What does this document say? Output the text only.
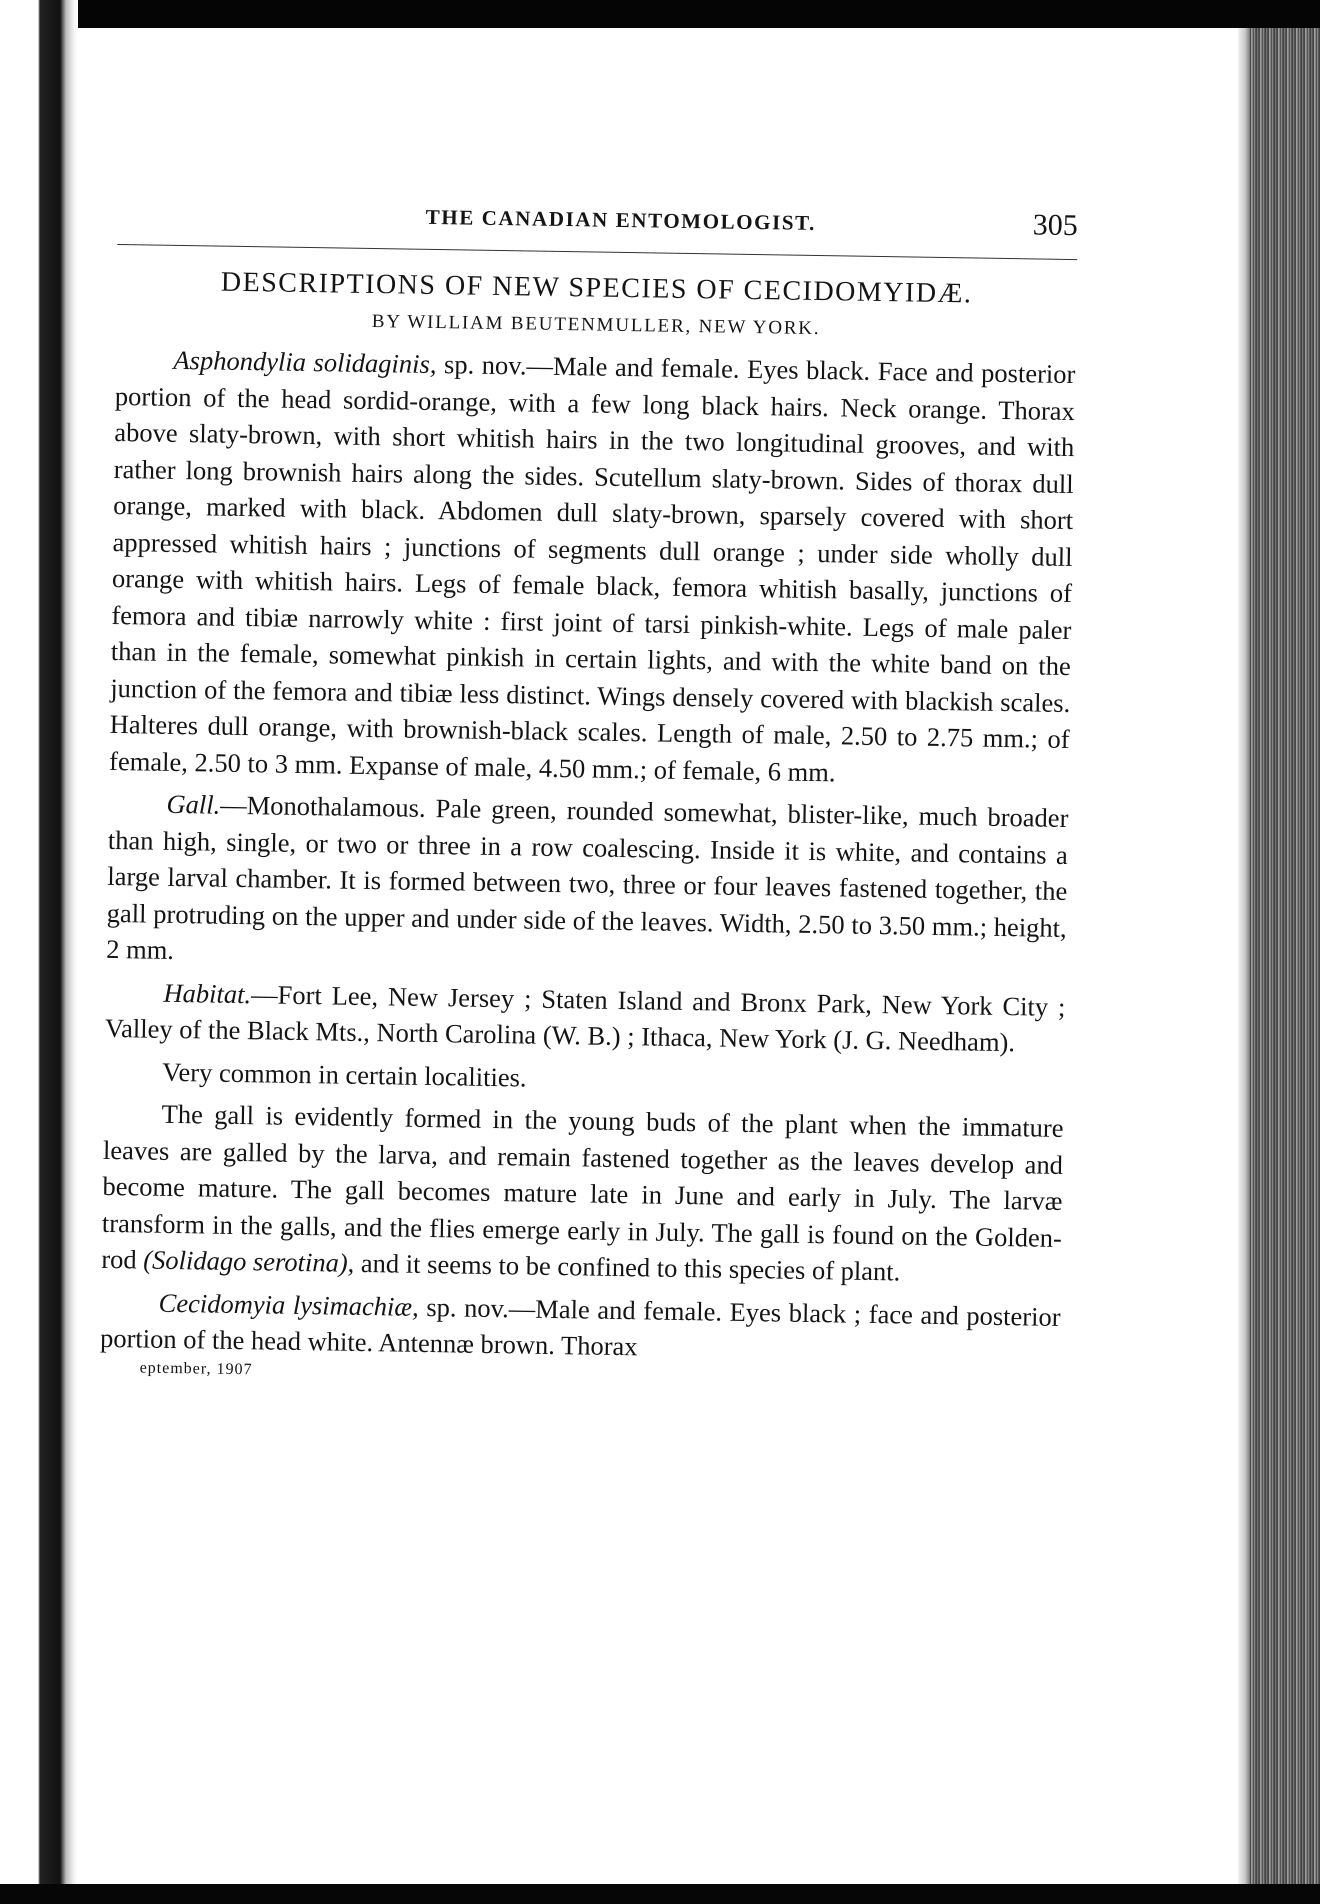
THE CANADIAN ENTOMOLOGIST.	305
DESCRIPTIONS OF NEW SPECIES OF CECIDOMYIDÆ.
BY WILLIAM BEUTENMULLER, NEW YORK.

Asphondylia solidaginis, sp. nov.—Male and female. Eyes black. Face and posterior portion of the head sordid-orange, with a few long black hairs. Neck orange. Thorax above slaty-brown, with short whitish hairs in the two longitudinal grooves, and with rather long brownish hairs along the sides. Scutellum slaty-brown. Sides of thorax dull orange, marked with black. Abdomen dull slaty-brown, sparsely covered with short appressed whitish hairs ; junctions of segments dull orange ; under side wholly dull orange with whitish hairs. Legs of female black, femora whitish basally, junctions of femora and tibiæ narrowly white : first joint of tarsi pinkish-white. Legs of male paler than in the female, somewhat pinkish in certain lights, and with the white band on the junction of the femora and tibiæ less distinct. Wings densely covered with blackish scales. Halteres dull orange, with brownish-black scales. Length of male, 2.50 to 2.75 mm.; of female, 2.50 to 3 mm. Expanse of male, 4.50 mm.; of female, 6 mm.

Gall.—Monothalamous. Pale green, rounded somewhat, blister-like, much broader than high, single, or two or three in a row coalescing. Inside it is white, and contains a large larval chamber. It is formed between two, three or four leaves fastened together, the gall protruding on the upper and under side of the leaves. Width, 2.50 to 3.50 mm.; height, 2 mm.

Habitat.—Fort Lee, New Jersey ; Staten Island and Bronx Park, New York City ; Valley of the Black Mts., North Carolina (W. B.) ; Ithaca, New York (J. G. Needham).

Very common in certain localities.

The gall is evidently formed in the young buds of the plant when the immature leaves are galled by the larva, and remain fastened together as the leaves develop and become mature. The gall becomes mature late in June and early in July. The larvæ transform in the galls, and the flies emerge early in July. The gall is found on the Golden-rod (Solidago serotina), and it seems to be confined to this species of plant.

Cecidomyia lysimachiæ, sp. nov.—Male and female. Eyes black ; face and posterior portion of the head white. Antennæ brown. Thorax

eptember, 1907
